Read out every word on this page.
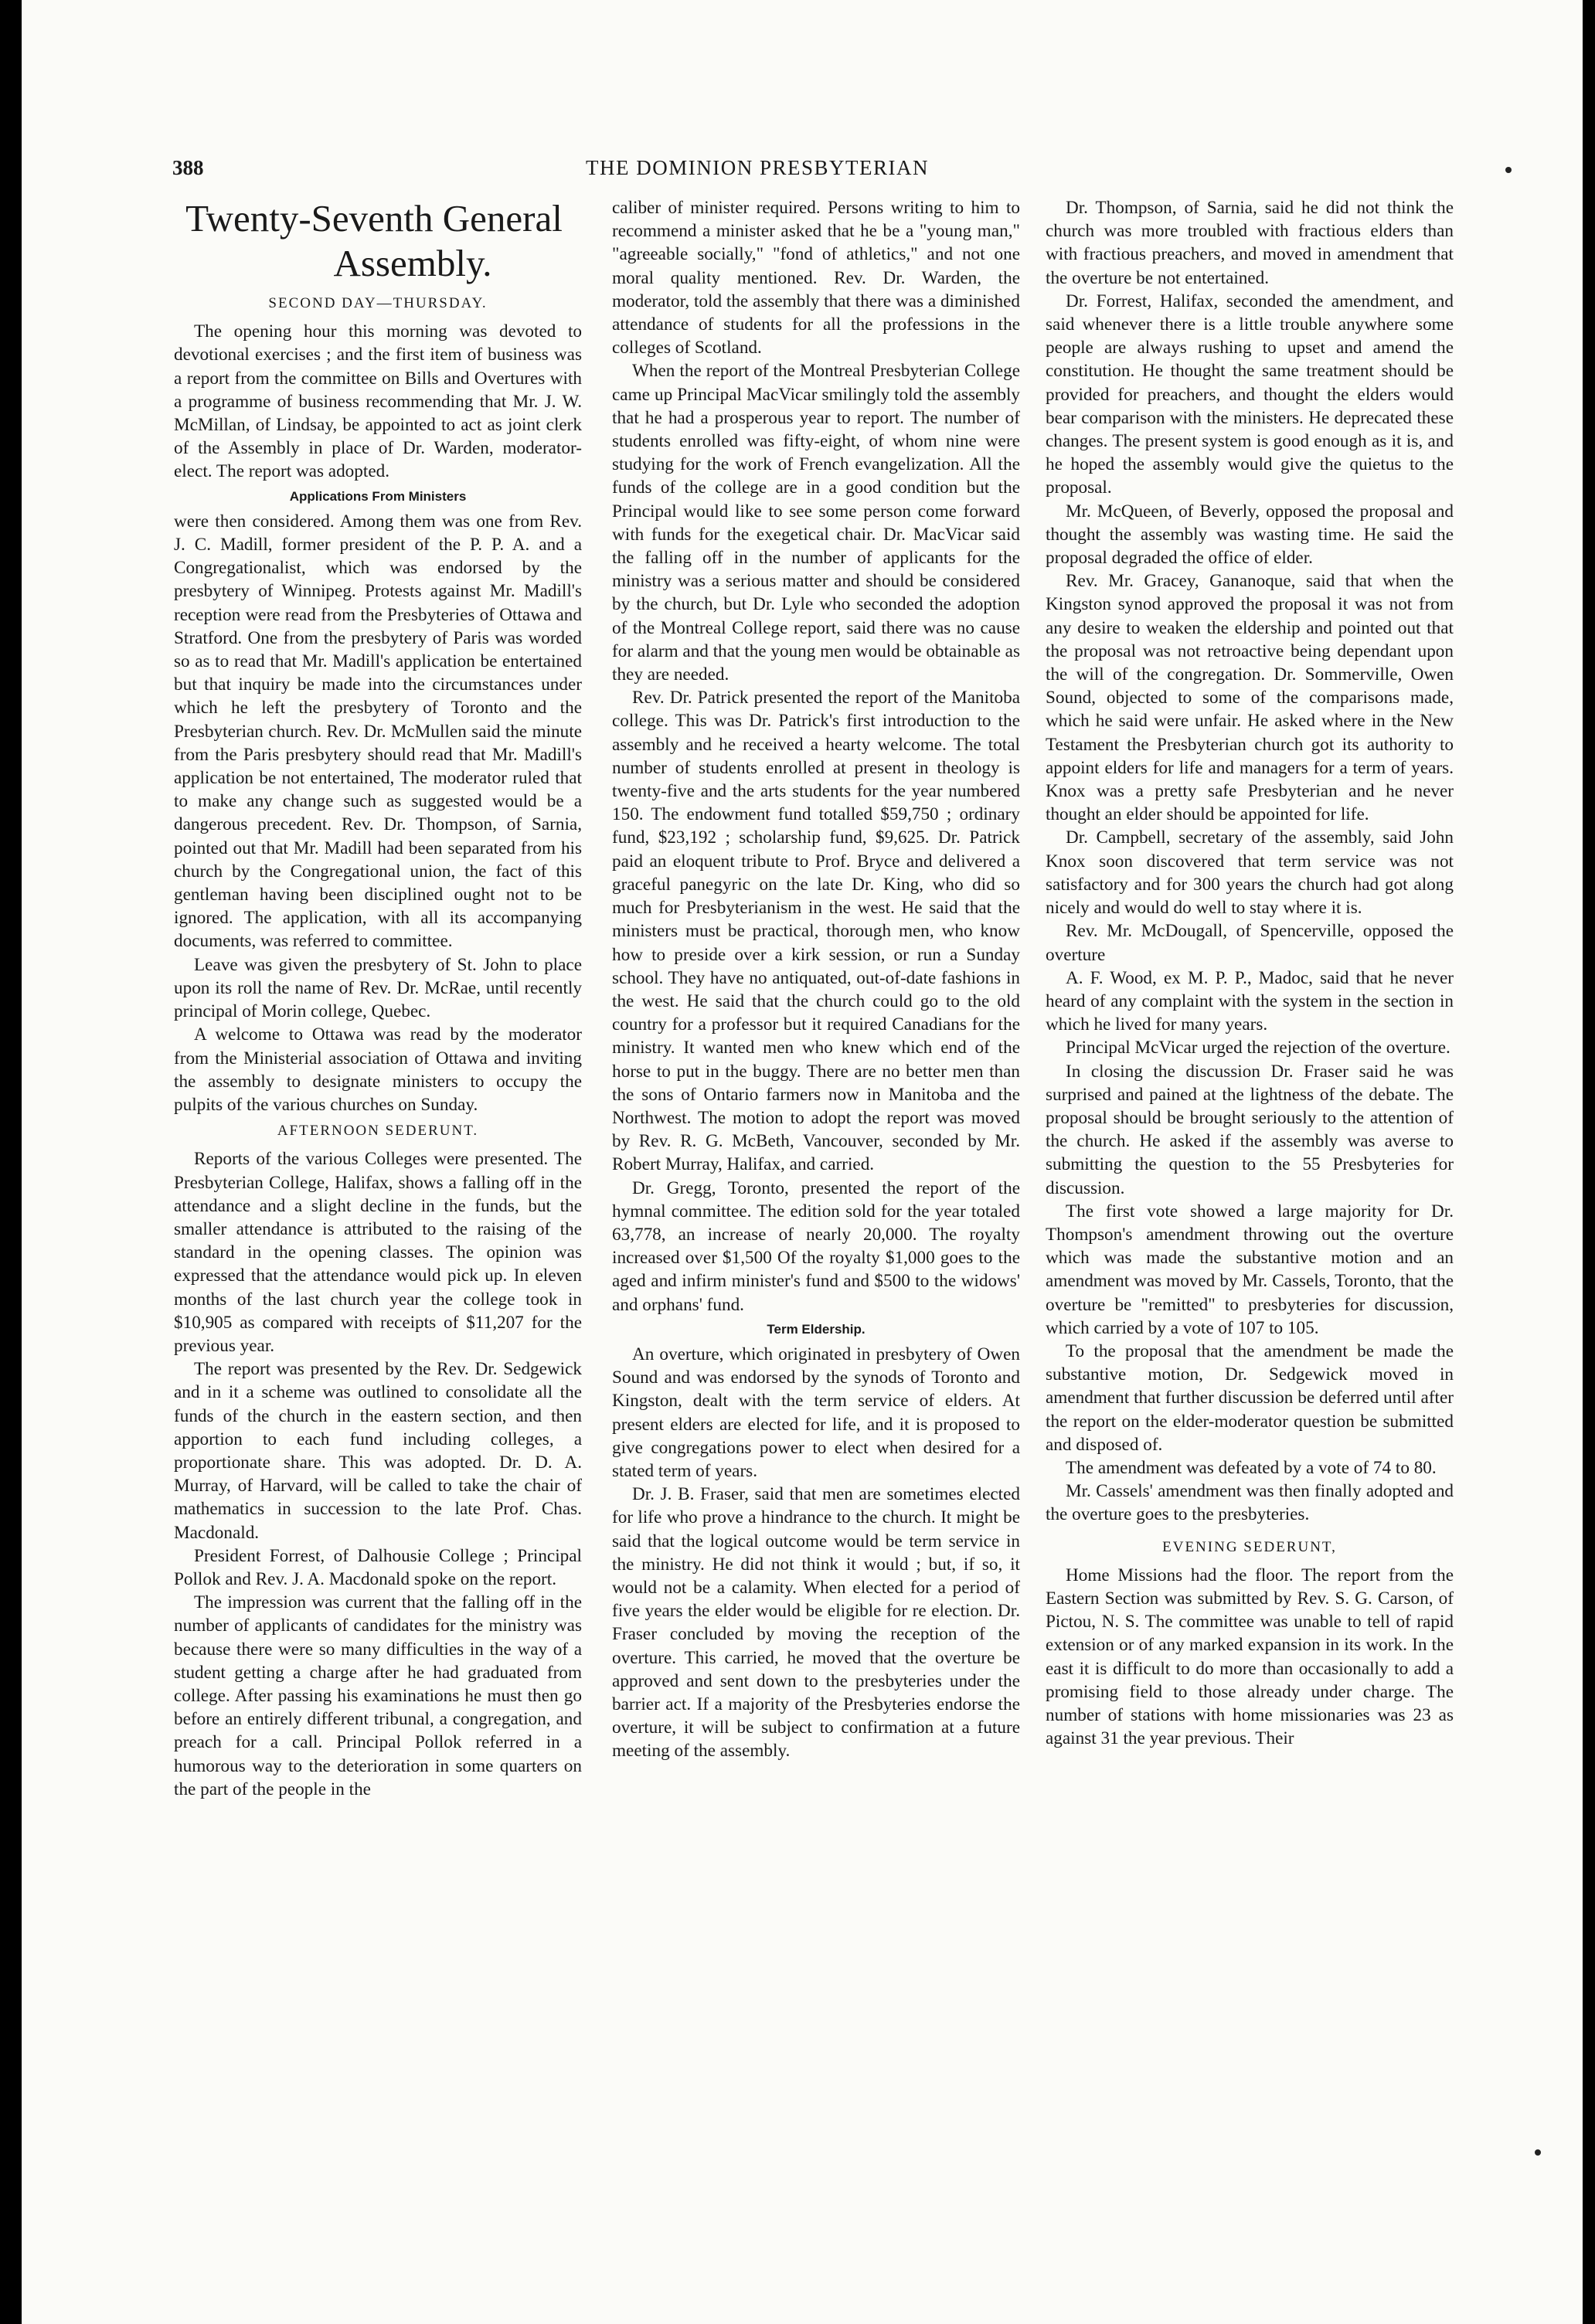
388	THE DOMINION PRESBYTERIAN
Twenty-Seventh General
Assembly.
SECOND DAY—THURSDAY.

The opening hour this morning was devoted to devotional exercises ; and the first item of business was a report from the committee on Bills and Overtures with a programme of business recommending that Mr. J. W. McMillan, of Lindsay, be appointed to act as joint clerk of the Assembly in place of Dr. Warden, moderator-elect. The report was adopted.

Applications From Ministers

were then considered. Among them was one from Rev. J. C. Madill, former president of the P. P. A. and a Congregationalist, which was endorsed by the presbytery of Winnipeg. Protests against Mr. Madill's reception were read from the Presbyteries of Ottawa and Stratford. One from the presbytery of Paris was worded so as to read that Mr. Madill's application be entertained but that inquiry be made into the circumstances under which he left the presbytery of Toronto and the Presbyterian church. Rev. Dr. McMullen said the minute from the Paris presbytery should read that Mr. Madill's application be not entertained, The moderator ruled that to make any change such as suggested would be a dangerous precedent. Rev. Dr. Thompson, of Sarnia, pointed out that Mr. Madill had been separated from his church by the Congregational union, the fact of this gentleman having been disciplined ought not to be ignored. The application, with all its accompanying documents, was referred to committee.

Leave was given the presbytery of St. John to place upon its roll the name of Rev. Dr. McRae, until recently principal of Morin college, Quebec.

A welcome to Ottawa was read by the moderator from the Ministerial association of Ottawa and inviting the assembly to designate ministers to occupy the pulpits of the various churches on Sunday.

AFTERNOON SEDERUNT.

Reports of the various Colleges were presented. The Presbyterian College, Halifax, shows a falling off in the attendance and a slight decline in the funds, but the smaller attendance is attributed to the raising of the standard in the opening classes. The opinion was expressed that the attendance would pick up. In eleven months of the last church year the college took in $10,905 as compared with receipts of $11,207 for the previous year.

The report was presented by the Rev. Dr. Sedgewick and in it a scheme was outlined to consolidate all the funds of the church in the eastern section, and then apportion to each fund including colleges, a proportionate share. This was adopted. Dr. D. A. Murray, of Harvard, will be called to take the chair of mathematics in succession to the late Prof. Chas. Macdonald.

President Forrest, of Dalhousie College ; Principal Pollok and Rev. J. A. Macdonald spoke on the report.

The impression was current that the falling off in the number of applicants of candidates for the ministry was because there were so many difficulties in the way of a student getting a charge after he had graduated from college. After passing his examinations he must then go before an entirely different tribunal, a congregation, and preach for a call. Principal Pollok referred in a humorous way to the deterioration in some quarters on the part of the people in the

caliber of minister required. Persons writing to him to recommend a minister asked that he be a "young man," "agreeable socially," "fond of athletics," and not one moral quality mentioned. Rev. Dr. Warden, the moderator, told the assembly that there was a diminished attendance of students for all the professions in the colleges of Scotland.

When the report of the Montreal Presbyterian College came up Principal MacVicar smilingly told the assembly that he had a prosperous year to report. The number of students enrolled was fifty-eight, of whom nine were studying for the work of French evangelization. All the funds of the college are in a good condition but the Principal would like to see some person come forward with funds for the exegetical chair. Dr. MacVicar said the falling off in the number of applicants for the ministry was a serious matter and should be considered by the church, but Dr. Lyle who seconded the adoption of the Montreal College report, said there was no cause for alarm and that the young men would be obtainable as they are needed.

Rev. Dr. Patrick presented the report of the Manitoba college. This was Dr. Patrick's first introduction to the assembly and he received a hearty welcome. The total number of students enrolled at present in theology is twenty-five and the arts students for the year numbered 150. The endowment fund totalled $59,750 ; ordinary fund, $23,192 ; scholarship fund, $9,625. Dr. Patrick paid an eloquent tribute to Prof. Bryce and delivered a graceful panegyric on the late Dr. King, who did so much for Presbyterianism in the west. He said that the ministers must be practical, thorough men, who know how to preside over a kirk session, or run a Sunday school. They have no antiquated, out-of-date fashions in the west. He said that the church could go to the old country for a professor but it required Canadians for the ministry. It wanted men who knew which end of the horse to put in the buggy. There are no better men than the sons of Ontario farmers now in Manitoba and the Northwest. The motion to adopt the report was moved by Rev. R. G. McBeth, Vancouver, seconded by Mr. Robert Murray, Halifax, and carried.

Dr. Gregg, Toronto, presented the report of the hymnal committee. The edition sold for the year totaled 63,778, an increase of nearly 20,000. The royalty increased over $1,500 Of the royalty $1,000 goes to the aged and infirm minister's fund and $500 to the widows' and orphans' fund.

Term Eldership.

An overture, which originated in presbytery of Owen Sound and was endorsed by the synods of Toronto and Kingston, dealt with the term service of elders. At present elders are elected for life, and it is proposed to give congregations power to elect when desired for a stated term of years.

Dr. J. B. Fraser, said that men are sometimes elected for life who prove a hindrance to the church. It might be said that the logical outcome would be term service in the ministry. He did not think it would ; but, if so, it would not be a calamity. When elected for a period of five years the elder would be eligible for re election. Dr. Fraser concluded by moving the reception of the overture. This carried, he moved that the overture be approved and sent down to the presbyteries under the barrier act. If a majority of the Presbyteries endorse the overture, it will be subject to confirmation at a future meeting of the assembly.

Dr. Thompson, of Sarnia, said he did not think the church was more troubled with fractious elders than with fractious preachers, and moved in amendment that the overture be not entertained.

Dr. Forrest, Halifax, seconded the amendment, and said whenever there is a little trouble anywhere some people are always rushing to upset and amend the constitution. He thought the same treatment should be provided for preachers, and thought the elders would bear comparison with the ministers. He deprecated these changes. The present system is good enough as it is, and he hoped the assembly would give the quietus to the proposal.

Mr. McQueen, of Beverly, opposed the proposal and thought the assembly was wasting time. He said the proposal degraded the office of elder.

Rev. Mr. Gracey, Gananoque, said that when the Kingston synod approved the proposal it was not from any desire to weaken the eldership and pointed out that the proposal was not retroactive being dependant upon the will of the congregation. Dr. Sommerville, Owen Sound, objected to some of the comparisons made, which he said were unfair. He asked where in the New Testament the Presbyterian church got its authority to appoint elders for life and managers for a term of years. Knox was a pretty safe Presbyterian and he never thought an elder should be appointed for life.

Dr. Campbell, secretary of the assembly, said John Knox soon discovered that term service was not satisfactory and for 300 years the church had got along nicely and would do well to stay where it is.

Rev. Mr. McDougall, of Spencerville, opposed the overture

A. F. Wood, ex M. P. P., Madoc, said that he never heard of any complaint with the system in the section in which he lived for many years.

Principal McVicar urged the rejection of the overture.

In closing the discussion Dr. Fraser said he was surprised and pained at the lightness of the debate. The proposal should be brought seriously to the attention of the church. He asked if the assembly was averse to submitting the question to the 55 Presbyteries for discussion.

The first vote showed a large majority for Dr. Thompson's amendment throwing out the overture which was made the substantive motion and an amendment was moved by Mr. Cassels, Toronto, that the overture be "remitted" to presbyteries for discussion, which carried by a vote of 107 to 105.

To the proposal that the amendment be made the substantive motion, Dr. Sedgewick moved in amendment that further discussion be deferred until after the report on the elder-moderator question be submitted and disposed of.

The amendment was defeated by a vote of 74 to 80.

Mr. Cassels' amendment was then finally adopted and the overture goes to the presbyteries.

EVENING SEDERUNT,

Home Missions had the floor. The report from the Eastern Section was submitted by Rev. S. G. Carson, of Pictou, N. S. The committee was unable to tell of rapid extension or of any marked expansion in its work. In the east it is difficult to do more than occasionally to add a promising field to those already under charge. The number of stations with home missionaries was 23 as against 31 the year previous. Their
